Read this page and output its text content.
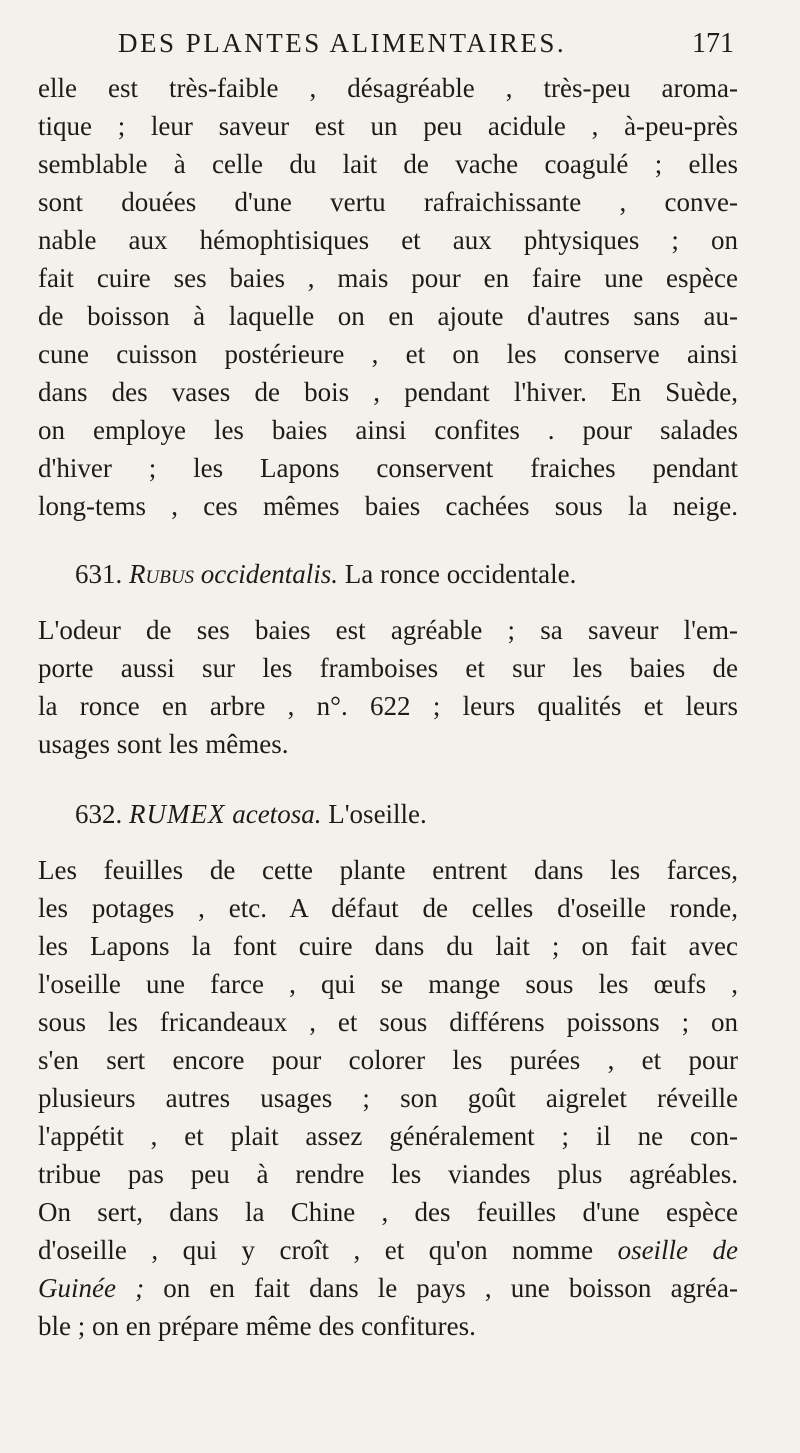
DES PLANTES ALIMENTAIRES.	171
elle est très-faible , désagréable , très-peu aroma-
tique ; leur saveur est un peu acidule , à-peu-près
semblable à celle du lait de vache coagulé ; elles
sont douées d'une vertu rafraichissante , conve-
nable aux hémophtisiques et aux phtysiques ; on
fait cuire ses baies , mais pour en faire une espèce
de boisson à laquelle on en ajoute d'autres sans au-
cune cuisson postérieure , et on les conserve ainsi
dans des vases de bois , pendant l'hiver. En Suède,
on employe les baies ainsi confites . pour salades
d'hiver ; les Lapons conservent fraiches pendant
long-tems , ces mêmes baies cachées sous la neige.
631. Rubus occidentalis. La ronce occidentale.
L'odeur de ses baies est agréable ; sa saveur l'em-
porte aussi sur les framboises et sur les baies de
la ronce en arbre , n°. 622 ; leurs qualités et leurs
usages sont les mêmes.
632. RUMEX acetosa. L'oseille.
Les feuilles de cette plante entrent dans les farces,
les potages , etc. A défaut de celles d'oseille ronde,
les Lapons la font cuire dans du lait ; on fait avec
l'oseille une farce , qui se mange sous les œufs ,
sous les fricandeaux , et sous différens poissons ; on
s'en sert encore pour colorer les purées , et pour
plusieurs autres usages ; son goût aigrelet réveille
l'appétit , et plait assez généralement ; il ne con-
tribue pas peu à rendre les viandes plus agréables.
On sert, dans la Chine , des feuilles d'une espèce
d'oseille , qui y croît , et qu'on nomme oseille de
Guinée ; on en fait dans le pays , une boisson agréa-
ble ; on en prépare même des confitures.
